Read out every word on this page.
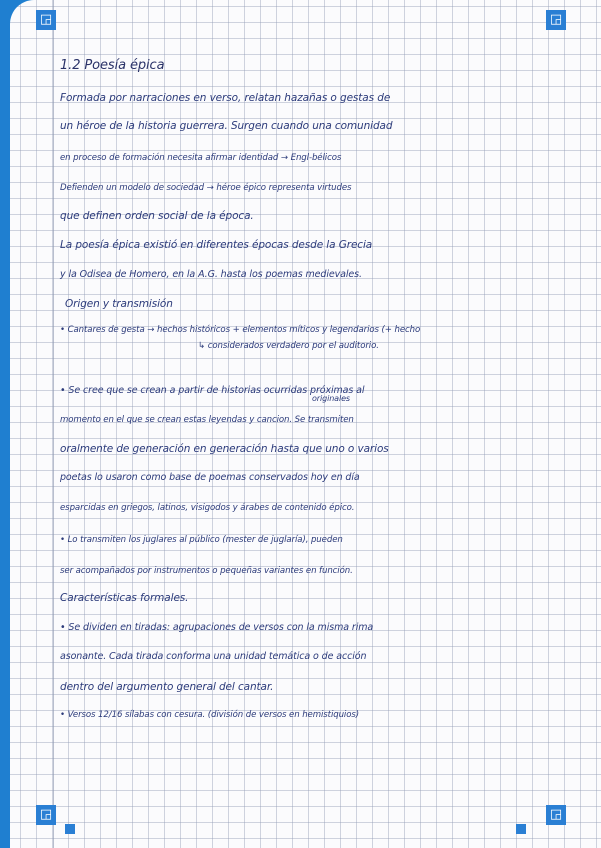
◲	◲
◲	◲
1.2 Poesía épica
Formada por narraciones en verso, relatan hazañas o gestas de
un héroe de la historia guerrera. Surgen cuando una comunidad
en proceso de formación necesita afirmar identidad → Engl-bélicos
Defienden un modelo de sociedad → héroe épico representa virtudes
que definen orden social de la época.
La poesía épica existió en diferentes épocas desde la Grecia
y la Odisea de Homero, en la A.G. hasta los poemas medievales.
Origen y transmisión
• Cantares de gesta → hechos históricos + elementos míticos y legendarios (+ hecho
↳ considerados verdadero por el auditorio.
• Se cree que se crean a partir de historias ocurridas próximas al
originales
momento en el que se crean estas leyendas y cancion. Se transmiten
oralmente de generación en generación hasta que uno o varios
poetas lo usaron como base de poemas conservados hoy en día
esparcidas en griegos, latinos, visigodos y árabes de contenido épico.
• Lo transmiten los juglares al público (mester de juglaría), pueden
ser acompañados por instrumentos o pequeñas variantes en función.
Características formales.
• Se dividen en tiradas: agrupaciones de versos con la misma rima
asonante. Cada tirada conforma una unidad temática o de acción
dentro del argumento general del cantar.
• Versos 12/16 sílabas con cesura. (división de versos en hemistiquios)
